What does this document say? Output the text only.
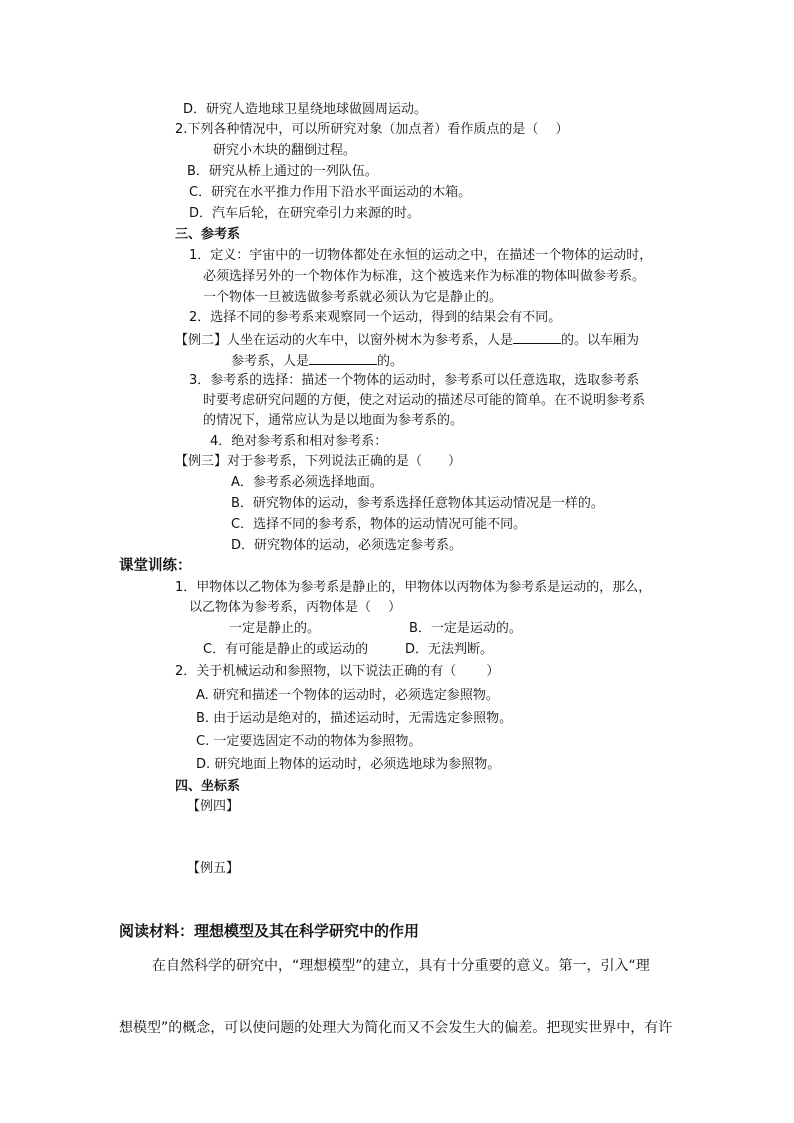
D．研究人造地球卫星绕地球做圆周运动。
2.下列各种情况中，可以所研究对象（加点者）看作质点的是（　 ）
研究小木块的翻倒过程。
B．研究从桥上通过的一列队伍。
C．研究在水平推力作用下沿水平面运动的木箱。
D．汽车后轮，在研究牵引力来源的时。
三、参考系
1．定义：宇宙中的一切物体都处在永恒的运动之中，在描述一个物体的运动时，
必须选择另外的一个物体作为标准，这个被选来作为标准的物体叫做参考系。
一个物体一旦被选做参考系就必须认为它是静止的。
2．选择不同的参考系来观察同一个运动，得到的结果会有不同。
【例二】人坐在运动的火车中，以窗外树木为参考系，人是	的。以车厢为
参考系，人是	的。
3．参考系的选择：描述一个物体的运动时，参考系可以任意选取，选取参考系
时要考虑研究问题的方便，使之对运动的描述尽可能的简单。在不说明参考系
的情况下，通常应认为是以地面为参考系的。
4．绝对参考系和相对参考系：
【例三】对于参考系，下列说法正确的是（　　）
A．参考系必须选择地面。
B．研究物体的运动，参考系选择任意物体其运动情况是一样的。
C．选择不同的参考系，物体的运动情况可能不同。
D．研究物体的运动，必须选定参考系。
课堂训练：
1．甲物体以乙物体为参考系是静止的，甲物体以丙物体为参考系是运动的，那么，
以乙物体为参考系，丙物体是（　 ）
一定是静止的。	B．一定是运动的。
C．有可能是静止的或运动的	D．无法判断。
2．关于机械运动和参照物，以下说法正确的有（　　 ）
A. 研究和描述一个物体的运动时，必须选定参照物。
B. 由于运动是绝对的，描述运动时，无需选定参照物。
C. 一定要选固定不动的物体为参照物。
D. 研究地面上物体的运动时，必须选地球为参照物。
四、坐标系
【例四】
【例五】
阅读材料：理想模型及其在科学研究中的作用
在自然科学的研究中，“理想模型”的建立，具有十分重要的意义。第一，引入“理
想模型”的概念，可以使问题的处理大为简化而又不会发生大的偏差。把现实世界中，有许
